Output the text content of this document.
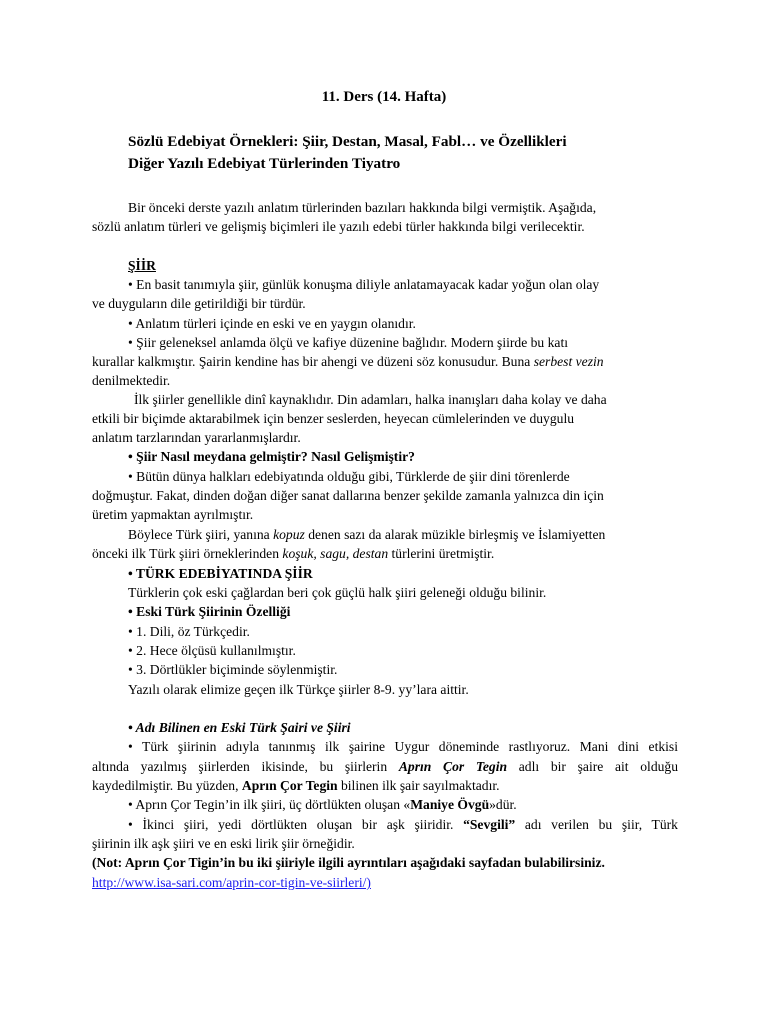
11. Ders (14. Hafta)
Sözlü Edebiyat Örnekleri: Şiir, Destan, Masal, Fabl… ve Özellikleri
Diğer Yazılı Edebiyat Türlerinden Tiyatro
Bir önceki derste yazılı anlatım türlerinden bazıları hakkında bilgi vermiştik. Aşağıda,
sözlü anlatım türleri ve gelişmiş biçimleri ile yazılı edebi türler hakkında bilgi verilecektir.
ŞİİR
• En basit tanımıyla şiir, günlük konuşma diliyle anlatamayacak kadar yoğun olan olay
ve duyguların dile getirildiği bir türdür.
• Anlatım türleri içinde en eski ve en yaygın olanıdır.
• Şiir geleneksel anlamda ölçü ve kafiye düzenine bağlıdır. Modern şiirde bu katı
kurallar kalkmıştır. Şairin kendine has bir ahengi ve düzeni söz konusudur. Buna serbest vezin
denilmektedir.
İlk şiirler genellikle dinî kaynaklıdır. Din adamları, halka inanışları daha kolay ve daha
etkili bir biçimde aktarabilmek için benzer seslerden, heyecan cümlelerinden ve duygulu
anlatım tarzlarından yararlanmışlardır.
• Şiir Nasıl meydana gelmiştir? Nasıl Gelişmiştir?
• Bütün dünya halkları edebiyatında olduğu gibi, Türklerde de şiir dini törenlerde
doğmuştur. Fakat, dinden doğan diğer sanat dallarına benzer şekilde zamanla yalnızca din için
üretim yapmaktan ayrılmıştır.
Böylece Türk şiiri, yanına kopuz denen sazı da alarak müzikle birleşmiş ve İslamiyetten
önceki ilk Türk şiiri örneklerinden koşuk, sagu, destan türlerini üretmiştir.
• TÜRK EDEBİYATINDA ŞİİR
Türklerin çok eski çağlardan beri çok güçlü halk şiiri geleneği olduğu bilinir.
• Eski Türk Şiirinin Özelliği
• 1. Dili, öz Türkçedir.
• 2. Hece ölçüsü kullanılmıştır.
• 3. Dörtlükler biçiminde söylenmiştir.
Yazılı olarak elimize geçen ilk Türkçe şiirler 8-9. yy’lara aittir.
• Adı Bilinen en Eski Türk Şairi ve Şiiri
• Türk şiirinin adıyla tanınmış ilk şairine Uygur döneminde rastlıyoruz. Mani dini etkisi
altında yazılmış şiirlerden ikisinde, bu şiirlerin Aprın Çor Tegin adlı bir şaire ait olduğu
kaydedilmiştir. Bu yüzden, Aprın Çor Tegin bilinen ilk şair sayılmaktadır.
• Aprın Çor Tegin’in ilk şiiri, üç dörtlükten oluşan «Maniye Övgü»dür.
• İkinci şiiri, yedi dörtlükten oluşan bir aşk şiiridir. “Sevgili” adı verilen bu şiir, Türk
şiirinin ilk aşk şiiri ve en eski lirik şiir örneğidir.
(Not: Aprın Çor Tigin’in bu iki şiiriyle ilgili ayrıntıları aşağıdaki sayfadan bulabilirsiniz.
http://www.isa-sari.com/aprin-cor-tigin-ve-siirleri/)
